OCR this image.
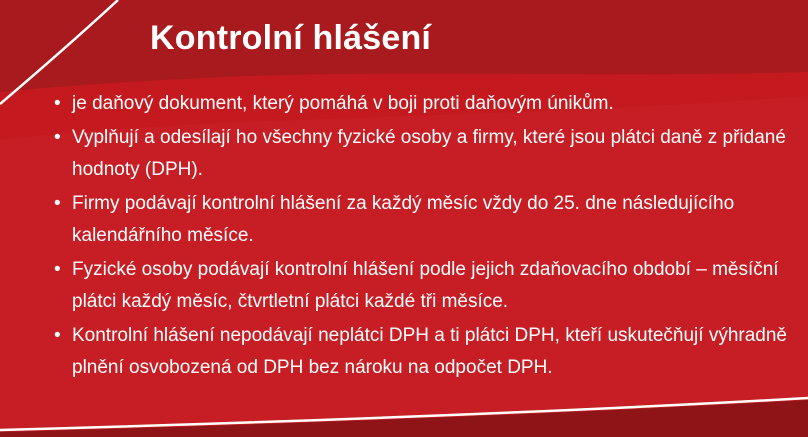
Kontrolní hlášení
• je daňový dokument, který pomáhá v boji proti daňovým únikům.
• Vyplňují a odesílají ho všechny fyzické osoby a firmy, které jsou plátci daně z přidané hodnoty (DPH).
• Firmy podávají kontrolní hlášení za každý měsíc vždy do 25. dne následujícího kalendářního měsíce.
• Fyzické osoby podávají kontrolní hlášení podle jejich zdaňovacího období – měsíční plátci každý měsíc, čtvrtletní plátci každé tři měsíce.
• Kontrolní hlášení nepodávají neplátci DPH a ti plátci DPH, kteří uskutečňují výhradně plnění osvobozená od DPH bez nároku na odpočet DPH.
